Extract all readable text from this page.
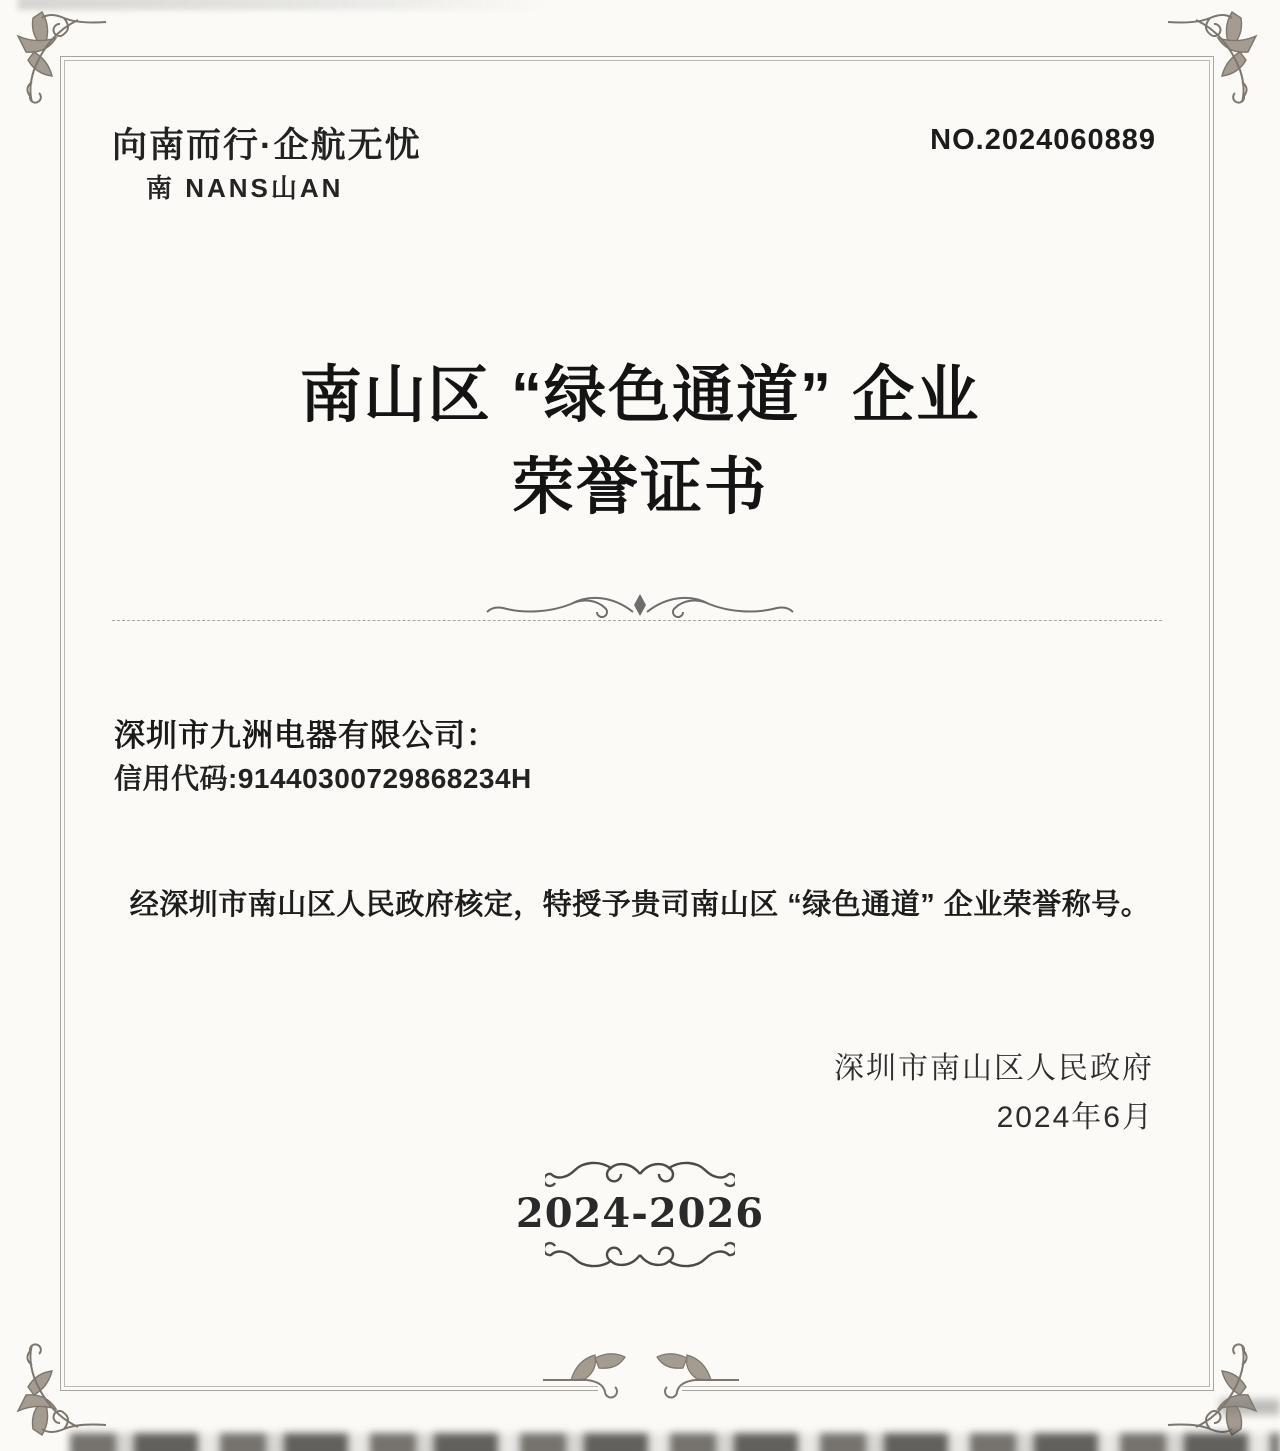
向南而行·企航无忧
南 NANS山AN
NO.2024060889
南山区 “绿色通道” 企业
荣誉证书
深圳市九洲电器有限公司：
信用代码:91440300729868234H
经深圳市南山区人民政府核定，特授予贵司南山区 “绿色通道” 企业荣誉称号。
深圳市南山区人民政府
2024年6月
2024-2026
